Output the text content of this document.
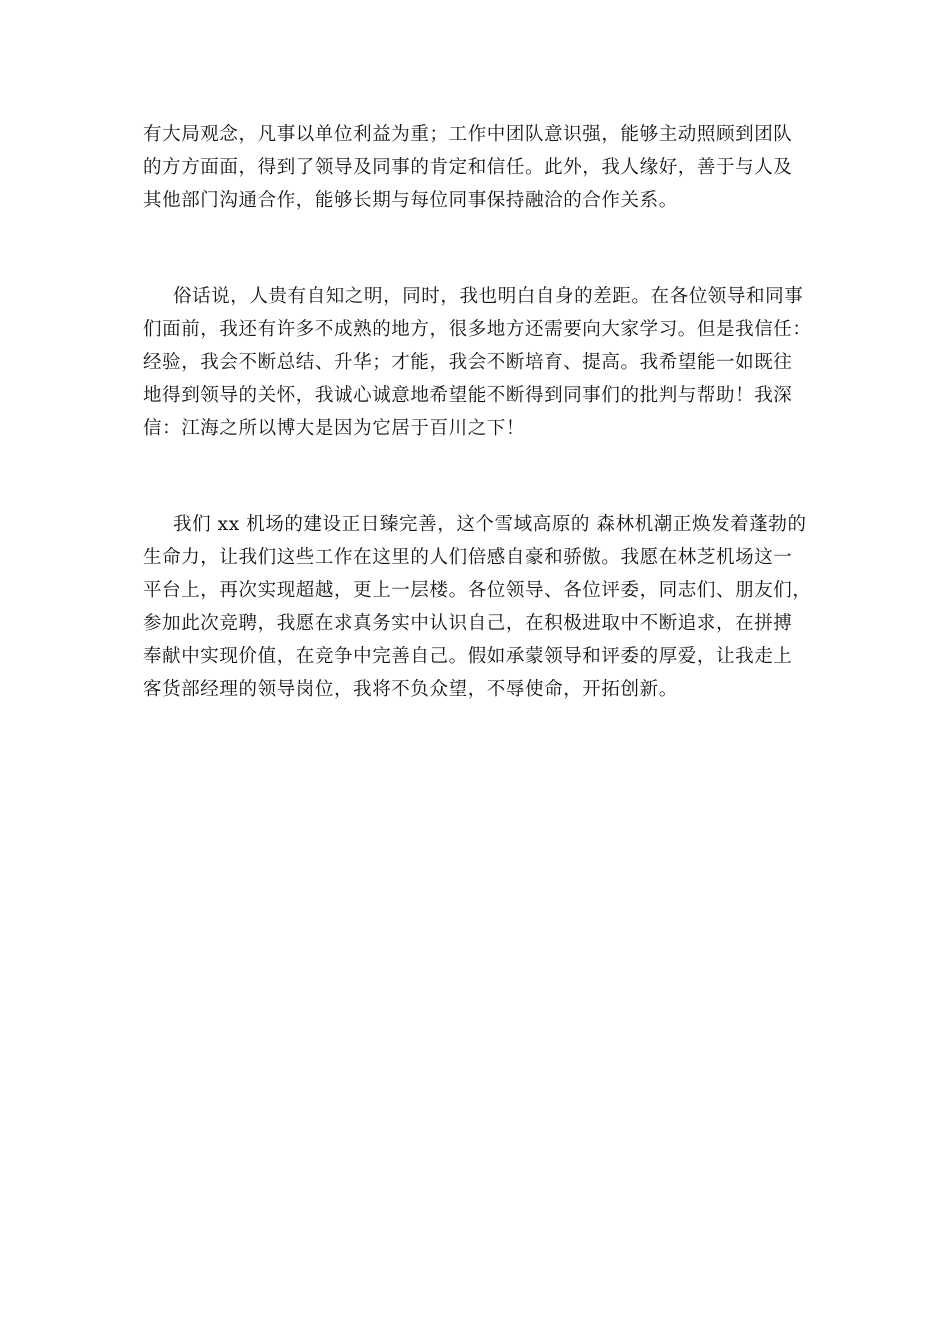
有大局观念，凡事以单位利益为重；工作中团队意识强，能够主动照顾到团队
的方方面面，得到了领导及同事的肯定和信任。此外，我人缘好，善于与人及
其他部门沟通合作，能够长期与每位同事保持融洽的合作关系。
俗话说，人贵有自知之明，同时，我也明白自身的差距。在各位领导和同事
们面前，我还有许多不成熟的地方，很多地方还需要向大家学习。但是我信任：
经验，我会不断总结、升华；才能，我会不断培育、提高。我希望能一如既往
地得到领导的关怀，我诚心诚意地希望能不断得到同事们的批判与帮助！我深
信：江海之所以博大是因为它居于百川之下！
我们 xx 机场的建设正日臻完善，这个雪域高原的 森林机潮正焕发着蓬勃的
生命力，让我们这些工作在这里的人们倍感自豪和骄傲。我愿在林芝机场这一
平台上，再次实现超越，更上一层楼。各位领导、各位评委，同志们、朋友们，
参加此次竞聘，我愿在求真务实中认识自己，在积极进取中不断追求，在拼搏
奉献中实现价值，在竞争中完善自己。假如承蒙领导和评委的厚爱，让我走上
客货部经理的领导岗位，我将不负众望，不辱使命，开拓创新。
